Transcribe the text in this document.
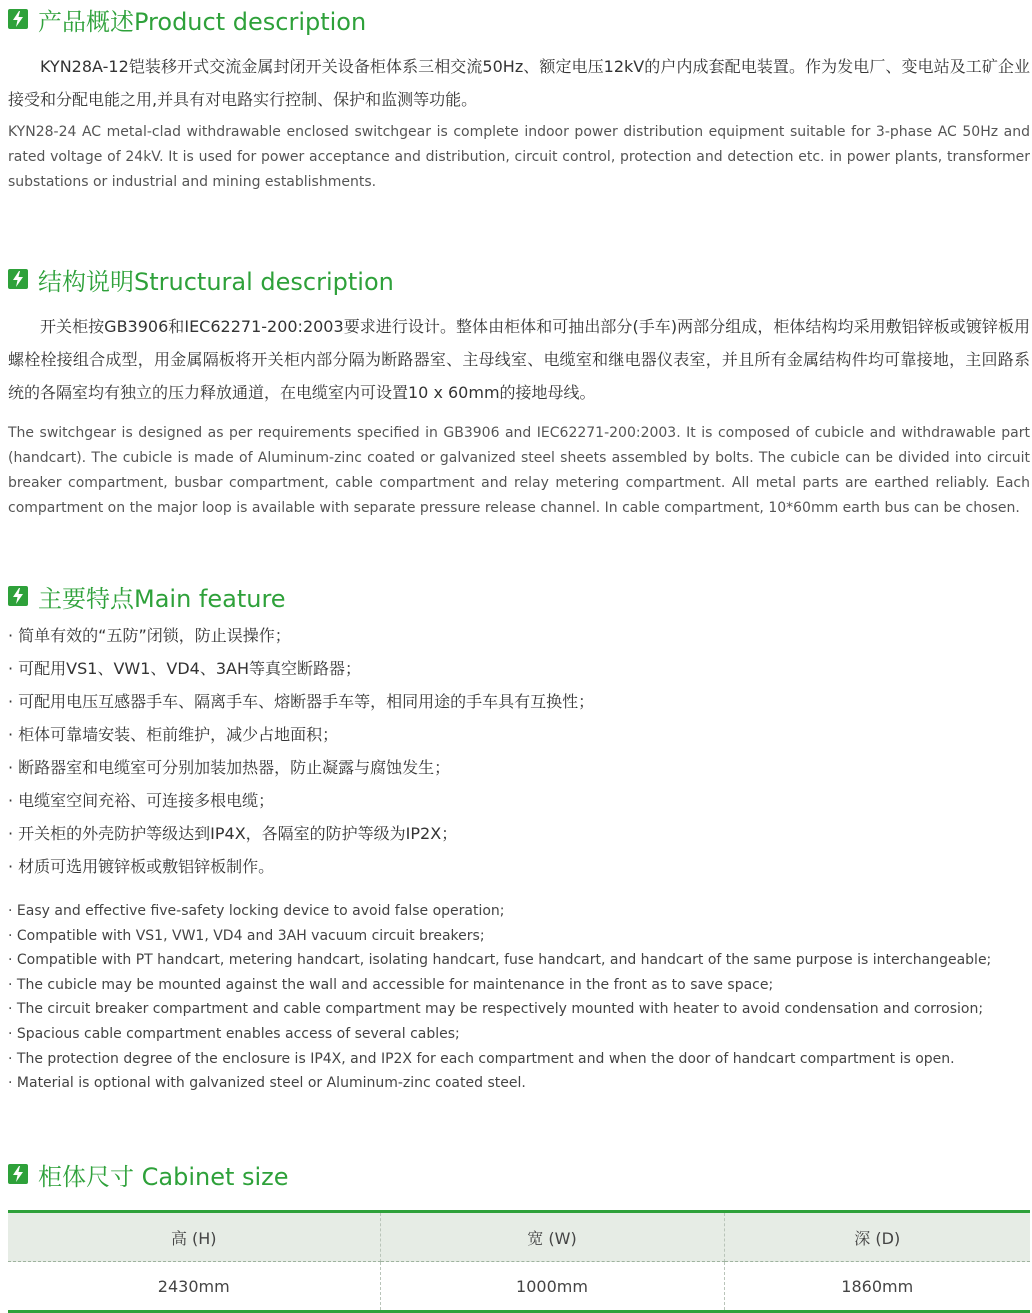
产品概述Product description

KYN28A-12铠装移开式交流金属封闭开关设备柜体系三相交流50Hz、额定电压12kV的户内成套配电装置。作为发电厂、变电站及工矿企业接受和分配电能之用,并具有对电路实行控制、保护和监测等功能。

KYN28-24 AC metal-clad withdrawable enclosed switchgear is complete indoor power distribution equipment suitable for 3-phase AC 50Hz and rated voltage of 24kV. It is used for power acceptance and distribution, circuit control, protection and detection etc. in power plants, transformer substations or industrial and mining establishments.

结构说明Structural description

开关柜按GB3906和IEC62271-200:2003要求进行设计。整体由柜体和可抽出部分(手车)两部分组成，柜体结构均采用敷铝锌板或镀锌板用螺栓栓接组合成型，用金属隔板将开关柜内部分隔为断路器室、主母线室、电缆室和继电器仪表室，并且所有金属结构件均可靠接地，主回路系统的各隔室均有独立的压力释放通道，在电缆室内可设置10 x 60mm的接地母线。

The switchgear is designed as per requirements specified in GB3906 and IEC62271-200:2003. It is composed of cubicle and withdrawable part (handcart). The cubicle is made of Aluminum-zinc coated or galvanized steel sheets assembled by bolts. The cubicle can be divided into circuit breaker compartment, busbar compartment, cable compartment and relay metering compartment. All metal parts are earthed reliably. Each compartment on the major loop is available with separate pressure release channel. In cable compartment, 10*60mm earth bus can be chosen.

主要特点Main feature
· 简单有效的“五防”闭锁，防止误操作；
· 可配用VS1、VW1、VD4、3AH等真空断路器；
· 可配用电压互感器手车、隔离手车、熔断器手车等，相同用途的手车具有互换性；
· 柜体可靠墙安装、柜前维护，减少占地面积；
· 断路器室和电缆室可分别加装加热器，防止凝露与腐蚀发生；
· 电缆室空间充裕、可连接多根电缆；
· 开关柜的外壳防护等级达到IP4X，各隔室的防护等级为IP2X；
· 材质可选用镀锌板或敷铝锌板制作。
· Easy and effective five-safety locking device to avoid false operation;
· Compatible with VS1, VW1, VD4 and 3AH vacuum circuit breakers;
· Compatible with PT handcart, metering handcart, isolating handcart, fuse handcart, and handcart of the same purpose is interchangeable;
· The cubicle may be mounted against the wall and accessible for maintenance in the front as to save space;
· The circuit breaker compartment and cable compartment may be respectively mounted with heater to avoid condensation and corrosion;
· Spacious cable compartment enables access of several cables;
· The protection degree of the enclosure is IP4X, and IP2X for each compartment and when the door of handcart compartment is open.
· Material is optional with galvanized steel or Aluminum-zinc coated steel.
柜体尺寸 Cabinet size
高 (H)	宽 (W)	深 (D)
2430mm	1000mm	1860mm
